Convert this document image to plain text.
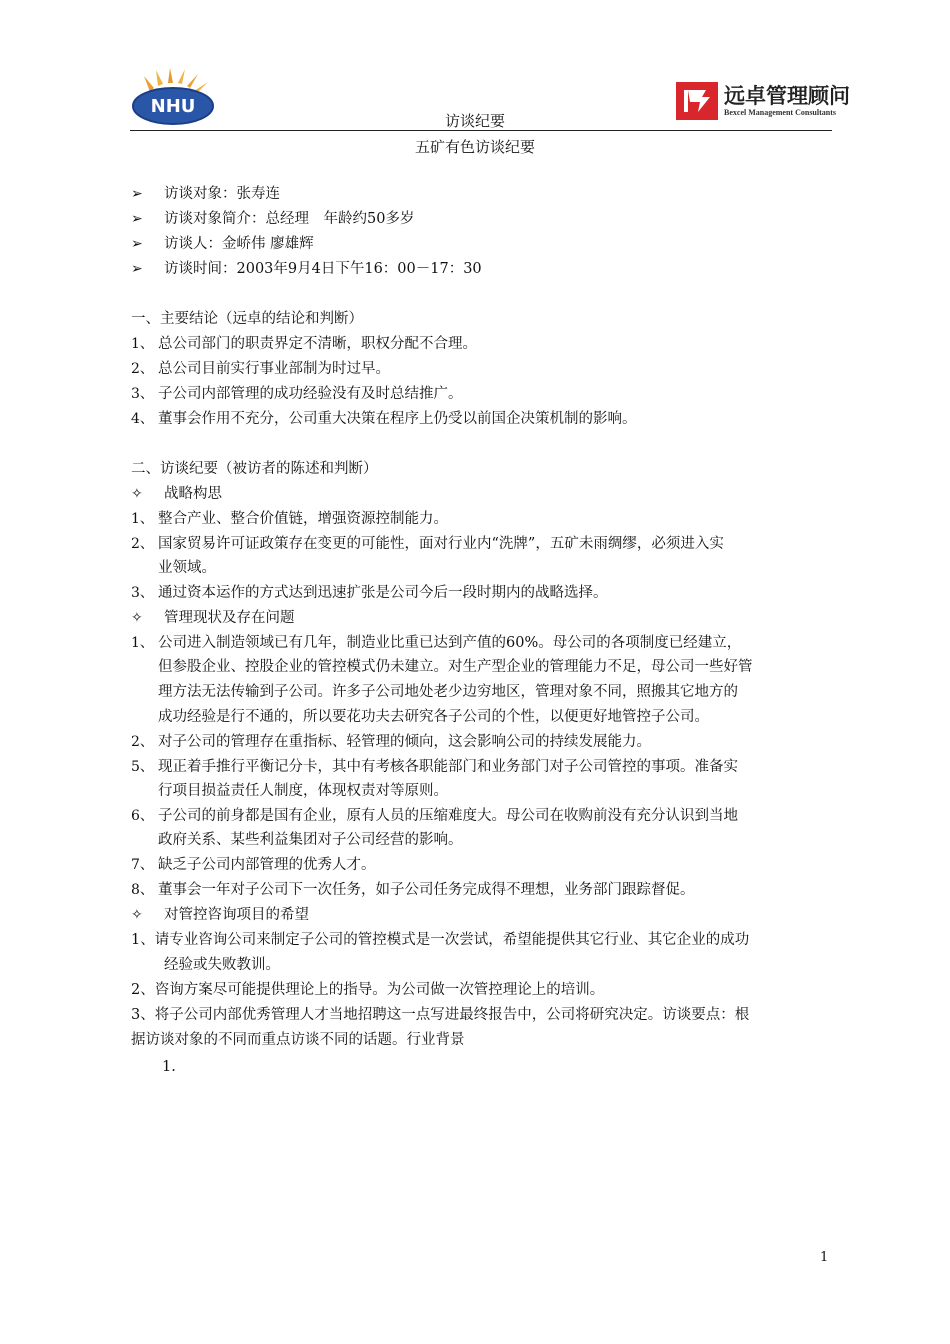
NHU	远卓管理顾问
Bexcel Management Consultants
访谈纪要
五矿有色访谈纪要
➢ 访谈对象：张寿连
➢ 访谈对象简介：总经理　年龄约50多岁
➢ 访谈人：金峤伟 廖雄辉
➢ 访谈时间：2003年9月4日下午16：00－17：30
一、主要结论（远卓的结论和判断）
1、 总公司部门的职责界定不清晰，职权分配不合理。
2、 总公司目前实行事业部制为时过早。
3、 子公司内部管理的成功经验没有及时总结推广。
4、 董事会作用不充分，公司重大决策在程序上仍受以前国企决策机制的影响。
二、访谈纪要（被访者的陈述和判断）
✧ 战略构思
1、 整合产业、整合价值链，增强资源控制能力。
2、 国家贸易许可证政策存在变更的可能性，面对行业内“洗牌”，五矿未雨绸缪，必须进入实
业领域。
3、 通过资本运作的方式达到迅速扩张是公司今后一段时期内的战略选择。
✧ 管理现状及存在问题
1、 公司进入制造领域已有几年，制造业比重已达到产值的60%。母公司的各项制度已经建立，
但参股企业、控股企业的管控模式仍未建立。对生产型企业的管理能力不足，母公司一些好管
理方法无法传输到子公司。许多子公司地处老少边穷地区，管理对象不同，照搬其它地方的
成功经验是行不通的，所以要花功夫去研究各子公司的个性，以便更好地管控子公司。
2、 对子公司的管理存在重指标、轻管理的倾向，这会影响公司的持续发展能力。
5、 现正着手推行平衡记分卡，其中有考核各职能部门和业务部门对子公司管控的事项。准备实
行项目损益责任人制度，体现权责对等原则。
6、 子公司的前身都是国有企业，原有人员的压缩难度大。母公司在收购前没有充分认识到当地
政府关系、某些利益集团对子公司经营的影响。
7、 缺乏子公司内部管理的优秀人才。
8、 董事会一年对子公司下一次任务，如子公司任务完成得不理想，业务部门跟踪督促。
✧ 对管控咨询项目的希望
1、请专业咨询公司来制定子公司的管控模式是一次尝试，希望能提供其它行业、其它企业的成功
经验或失败教训。
2、咨询方案尽可能提供理论上的指导。为公司做一次管控理论上的培训。
3、将子公司内部优秀管理人才当地招聘这一点写进最终报告中，公司将研究决定。访谈要点：根
据访谈对象的不同而重点访谈不同的话题。行业背景
1.
1
